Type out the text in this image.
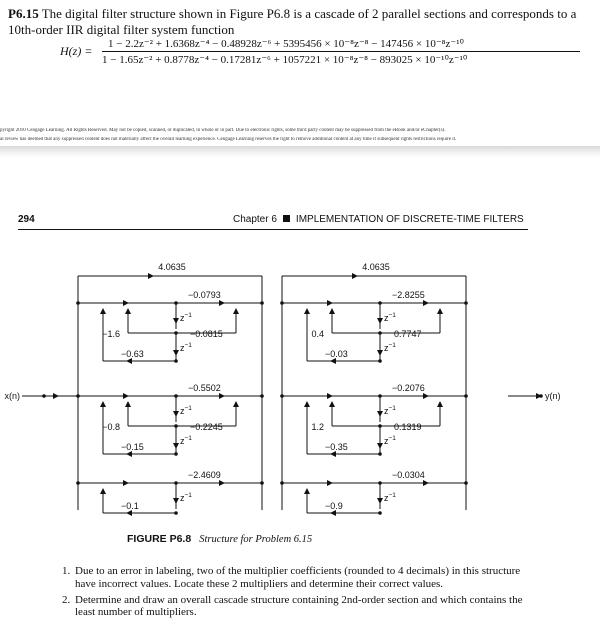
P6.15 The digital filter structure shown in Figure P6.8 is a cascade of 2 parallel sections and corresponds to a 10th-order IIR digital filter system function
H(z) = 1 − 2.2z⁻² + 1.6368z⁻⁴ − 0.48928z⁻⁶ + 5395456 × 10⁻⁸z⁻⁸ − 147456 × 10⁻⁸z⁻¹⁰
1 − 1.65z⁻² + 0.8778z⁻⁴ − 0.17281z⁻⁶ + 1057221 × 10⁻⁸z⁻⁸ − 893025 × 10⁻¹⁰z⁻¹⁰
pyright 2010 Cengage Learning. All Rights Reserved. May not be copied, scanned, or duplicated, in whole or in part. Due to electronic rights, some third party content may be suppressed from the eBook and/or eChapter(s).
al review has deemed that any suppressed content does not materially affect the overall learning experience. Cengage Learning reserves the right to remove additional content at any time if subsequent rights restrictions require it.
294	Chapter 6 IMPLEMENTATION OF DISCRETE-TIME FILTERS
x(n)	y(n)
4.0635
−0.0793
$z^{-1}$
$z^{-1}$
−0.0815
−1.6
−0.63
−0.5502
$z^{-1}$
$z^{-1}$
−0.2245
−0.8
−0.15
−2.4609
$z^{-1}$
−0.1
4.0635
−2.8255
$z^{-1}$
$z^{-1}$
0.7747
0.4
−0.03
−0.2076
$z^{-1}$
$z^{-1}$
0.1319
1.2
−0.35
−0.0304
$z^{-1}$
−0.9
FIGURE P6.8 Structure for Problem 6.15
1. Due to an error in labeling, two of the multiplier coefficients (rounded to 4 decimals) in this structure have incorrect values. Locate these 2 multipliers and determine their correct values.
2. Determine and draw an overall cascade structure containing 2nd-order section and which contains the least number of multipliers.
